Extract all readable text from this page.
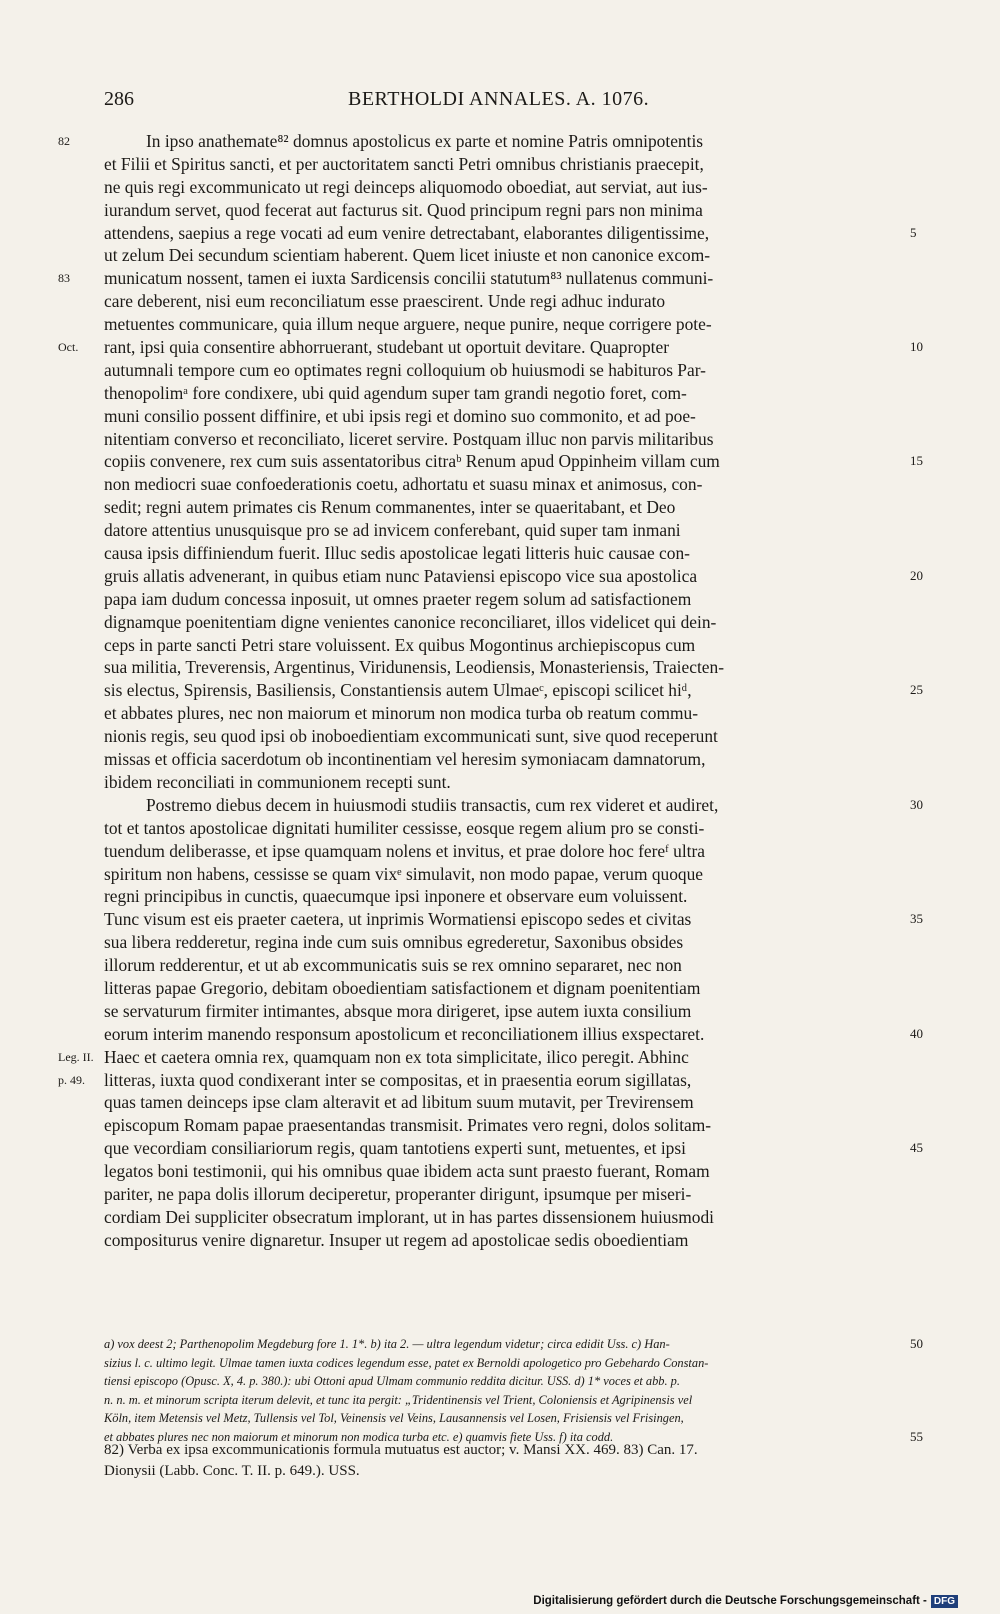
286	BERTHOLDI ANNALES. A. 1076.
82	In ipso anathemate⁸² domnus apostolicus ex parte et nomine Patris omnipotentis
et Filii et Spiritus sancti, et per auctoritatem sancti Petri omnibus christianis praecepit,
ne quis regi excommunicato ut regi deinceps aliquomodo oboediat, aut serviat, aut ius-
iurandum servet, quod fecerat aut facturus sit. Quod principum regni pars non minima
attendens, saepius a rege vocati ad eum venire detrectabant, elaborantes diligentissime,	5
ut zelum Dei secundum scientiam haberent. Quem licet iniuste et non canonice excom-
83	municatum nossent, tamen ei iuxta Sardicensis concilii statutum⁸³ nullatenus communi-
care deberent, nisi eum reconciliatum esse praescirent. Unde regi adhuc indurato
metuentes communicare, quia illum neque arguere, neque punire, neque corrigere pote-
Oct.	rant, ipsi quia consentire abhorruerant, studebant ut oportuit devitare. Quapropter	10
autumnali tempore cum eo optimates regni colloquium ob huiusmodi se habituros Par-
thenopolimᵃ fore condixere, ubi quid agendum super tam grandi negotio foret, com-
muni consilio possent diffinire, et ubi ipsis regi et domino suo commonito, et ad poe-
nitentiam converso et reconciliato, liceret servire. Postquam illuc non parvis militaribus
copiis convenere, rex cum suis assentatoribus citraᵇ Renum apud Oppinheim villam cum	15
non mediocri suae confoederationis coetu, adhortatu et suasu minax et animosus, con-
sedit; regni autem primates cis Renum commanentes, inter se quaeritabant, et Deo
datore attentius unusquisque pro se ad invicem conferebant, quid super tam inmani
causa ipsis diffiniendum fuerit. Illuc sedis apostolicae legati litteris huic causae con-
gruis allatis advenerant, in quibus etiam nunc Pataviensi episcopo vice sua apostolica	20
papa iam dudum concessa inposuit, ut omnes praeter regem solum ad satisfactionem
dignamque poenitentiam digne venientes canonice reconciliaret, illos videlicet qui dein-
ceps in parte sancti Petri stare voluissent. Ex quibus Mogontinus archiepiscopus cum
sua militia, Treverensis, Argentinus, Viridunensis, Leodiensis, Monasteriensis, Traiecten-
sis electus, Spirensis, Basiliensis, Constantiensis autem Ulmaeᶜ, episcopi scilicet hiᵈ,	25
et abbates plures, nec non maiorum et minorum non modica turba ob reatum commu-
nionis regis, seu quod ipsi ob inoboedientiam excommunicati sunt, sive quod receperunt
missas et officia sacerdotum ob incontinentiam vel heresim symoniacam damnatorum,
ibidem reconciliati in communionem recepti sunt.
Postremo diebus decem in huiusmodi studiis transactis, cum rex videret et audiret,	30
tot et tantos apostolicae dignitati humiliter cessisse, eosque regem alium pro se consti-
tuendum deliberasse, et ipse quamquam nolens et invitus, et prae dolore hoc fereᶠ ultra
spiritum non habens, cessisse se quam vixᵉ simulavit, non modo papae, verum quoque
regni principibus in cunctis, quaecumque ipsi inponere et observare eum voluissent.
Tunc visum est eis praeter caetera, ut inprimis Wormatiensi episcopo sedes et civitas	35
sua libera redderetur, regina inde cum suis omnibus egrederetur, Saxonibus obsides
illorum redderentur, et ut ab excommunicatis suis se rex omnino separaret, nec non
litteras papae Gregorio, debitam oboedientiam satisfactionem et dignam poenitentiam
se servaturum firmiter intimantes, absque mora dirigeret, ipse autem iuxta consilium
eorum interim manendo responsum apostolicum et reconciliationem illius exspectaret.	40
Leg. II. Haec et caetera omnia rex, quamquam non ex tota simplicitate, ilico peregit. Abhinc
p. 49.	litteras, iuxta quod condixerant inter se compositas, et in praesentia eorum sigillatas,
quas tamen deinceps ipse clam alteravit et ad libitum suum mutavit, per Trevirensem
episcopum Romam papae praesentandas transmisit. Primates vero regni, dolos solitam-
que vecordiam consiliariorum regis, quam tantotiens experti sunt, metuentes, et ipsi	45
legatos boni testimonii, qui his omnibus quae ibidem acta sunt praesto fuerant, Romam
pariter, ne papa dolis illorum deciperetur, properanter dirigunt, ipsumque per miseri-
cordiam Dei suppliciter obsecratum implorant, ut in has partes dissensionem huiusmodi
compositurus venire dignaretur. Insuper ut regem ad apostolicae sedis oboedientiam
a) vox deest 2; Parthenopolim Megdeburg fore 1. 1*. b) ita 2. — ultra legendum videtur; circa edidit Uss. c) Han-	50
sizius l. c. ultimo legit. Ulmae tamen iuxta codices legendum esse, patet ex Bernoldi apologetico pro Gebehardo Constan-
tiensi episcopo (Opusc. X, 4. p. 380.): ubi Ottoni apud Ulmam communio reddita dicitur. USS. d) 1* voces et abb. p.
n. n. m. et minorum scripta iterum delevit, et tunc ita pergit: „Tridentinensis vel Trient, Coloniensis et Agripinensis vel
Köln, item Metensis vel Metz, Tullensis vel Tol, Veinensis vel Veins, Lausannensis vel Losen, Frisiensis vel Frisingen,
et abbates plures nec non maiorum et minorum non modica turba etc. e) quamvis fiete Uss. f) ita codd.	55
82) Verba ex ipsa excommunicationis formula mutuatus est auctor; v. Mansi XX. 469. 83) Can. 17.
Dionysii (Labb. Conc. T. II. p. 649.). USS.
Digitalisierung gefördert durch die Deutsche Forschungsgemeinschaft - DFG
